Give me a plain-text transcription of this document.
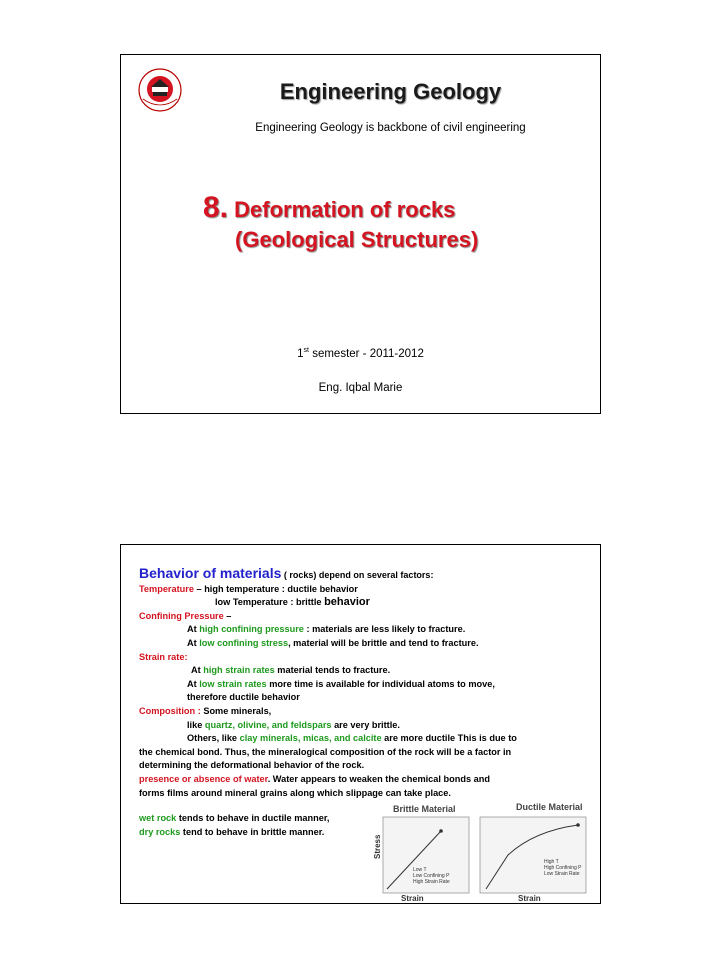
Engineering Geology
Engineering Geology is backbone of civil engineering
8. Deformation of rocks
(Geological Structures)
1st semester - 2011-2012
Eng. Iqbal Marie
Behavior of materials ( rocks) depend on several factors:
Temperature – high temperature : ductile behavior
low Temperature : brittle behavior
Confining Pressure –
At high confining pressure : materials are less likely to fracture.
At low confining stress, material will be brittle and tend to fracture.
Strain rate:
At high strain rates material tends to fracture.
At low strain rates more time is available for individual atoms to move,
therefore ductile behavior
Composition : Some minerals,
like quartz, olivine, and feldspars are very brittle.
Others, like clay minerals, micas, and calcite are more ductile This is due to
the chemical bond. Thus, the mineralogical composition of the rock will be a factor in
determining the deformational behavior of the rock.
presence or absence of water. Water appears to weaken the chemical bonds and
forms films around mineral grains along which slippage can take place.
wet rock tends to behave in ductile manner,
dry rocks tend to behave in brittle manner.
Brittle Material
Stress
Low T
Low Confining P
High Strain Rate
Strain
Ductile Material
High T
High Confining P
Low Strain Rate
Strain
